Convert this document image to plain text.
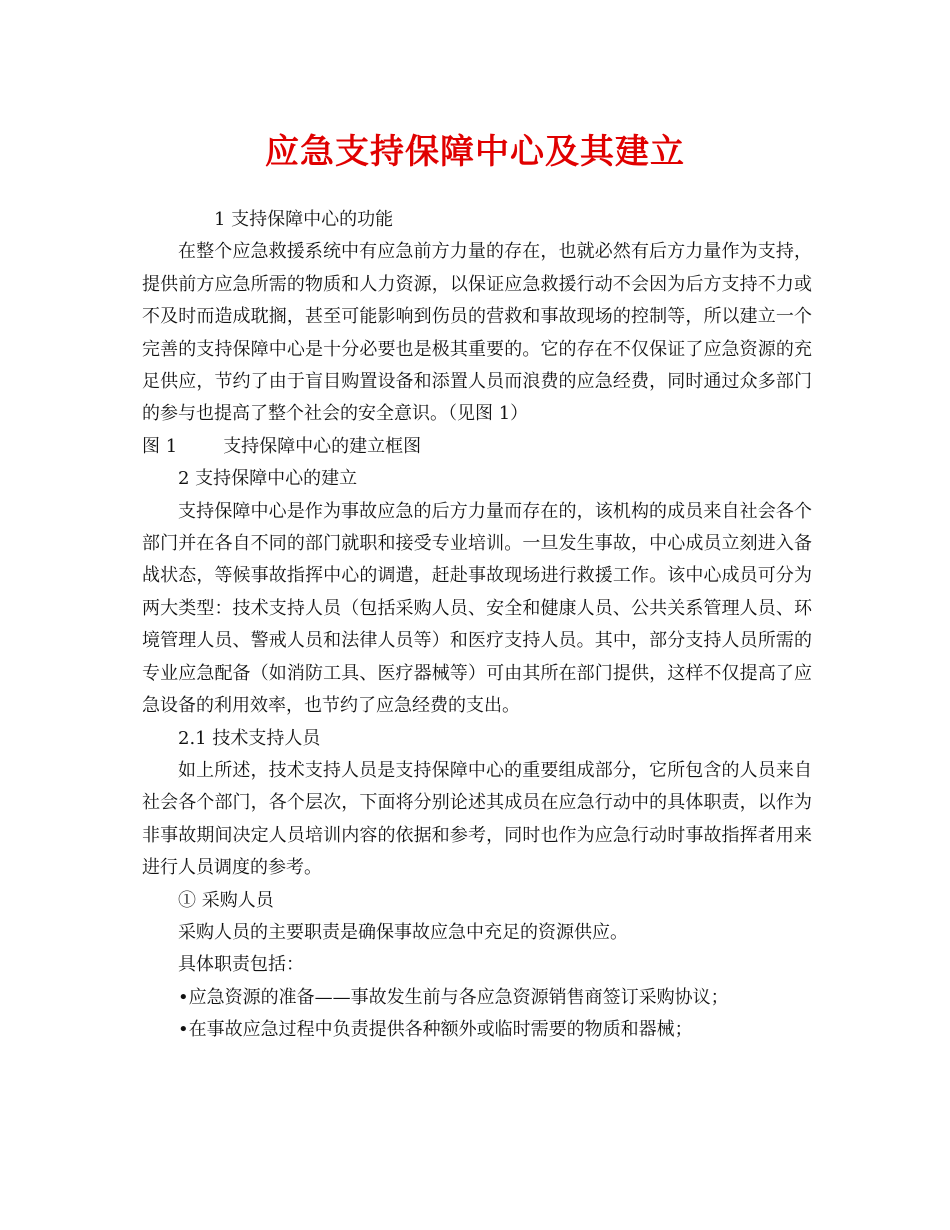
应急支持保障中心及其建立

1 支持保障中心的功能

在整个应急救援系统中有应急前方力量的存在，也就必然有后方力量作为支持，提供前方应急所需的物质和人力资源，以保证应急救援行动不会因为后方支持不力或不及时而造成耽搁，甚至可能影响到伤员的营救和事故现场的控制等，所以建立一个完善的支持保障中心是十分必要也是极其重要的。它的存在不仅保证了应急资源的充足供应，节约了由于盲目购置设备和添置人员而浪费的应急经费，同时通过众多部门的参与也提高了整个社会的安全意识。（见图 1）

图 1	支持保障中心的建立框图

2 支持保障中心的建立

支持保障中心是作为事故应急的后方力量而存在的，该机构的成员来自社会各个部门并在各自不同的部门就职和接受专业培训。一旦发生事故，中心成员立刻进入备战状态，等候事故指挥中心的调遣，赶赴事故现场进行救援工作。该中心成员可分为两大类型：技术支持人员（包括采购人员、安全和健康人员、公共关系管理人员、环境管理人员、警戒人员和法律人员等）和医疗支持人员。其中，部分支持人员所需的专业应急配备（如消防工具、医疗器械等）可由其所在部门提供，这样不仅提高了应急设备的利用效率，也节约了应急经费的支出。

2.1 技术支持人员

如上所述，技术支持人员是支持保障中心的重要组成部分，它所包含的人员来自社会各个部门，各个层次，下面将分别论述其成员在应急行动中的具体职责，以作为非事故期间决定人员培训内容的依据和参考，同时也作为应急行动时事故指挥者用来进行人员调度的参考。

① 采购人员

采购人员的主要职责是确保事故应急中充足的资源供应。

具体职责包括：

•应急资源的准备——事故发生前与各应急资源销售商签订采购协议；

•在事故应急过程中负责提供各种额外或临时需要的物质和器械；
